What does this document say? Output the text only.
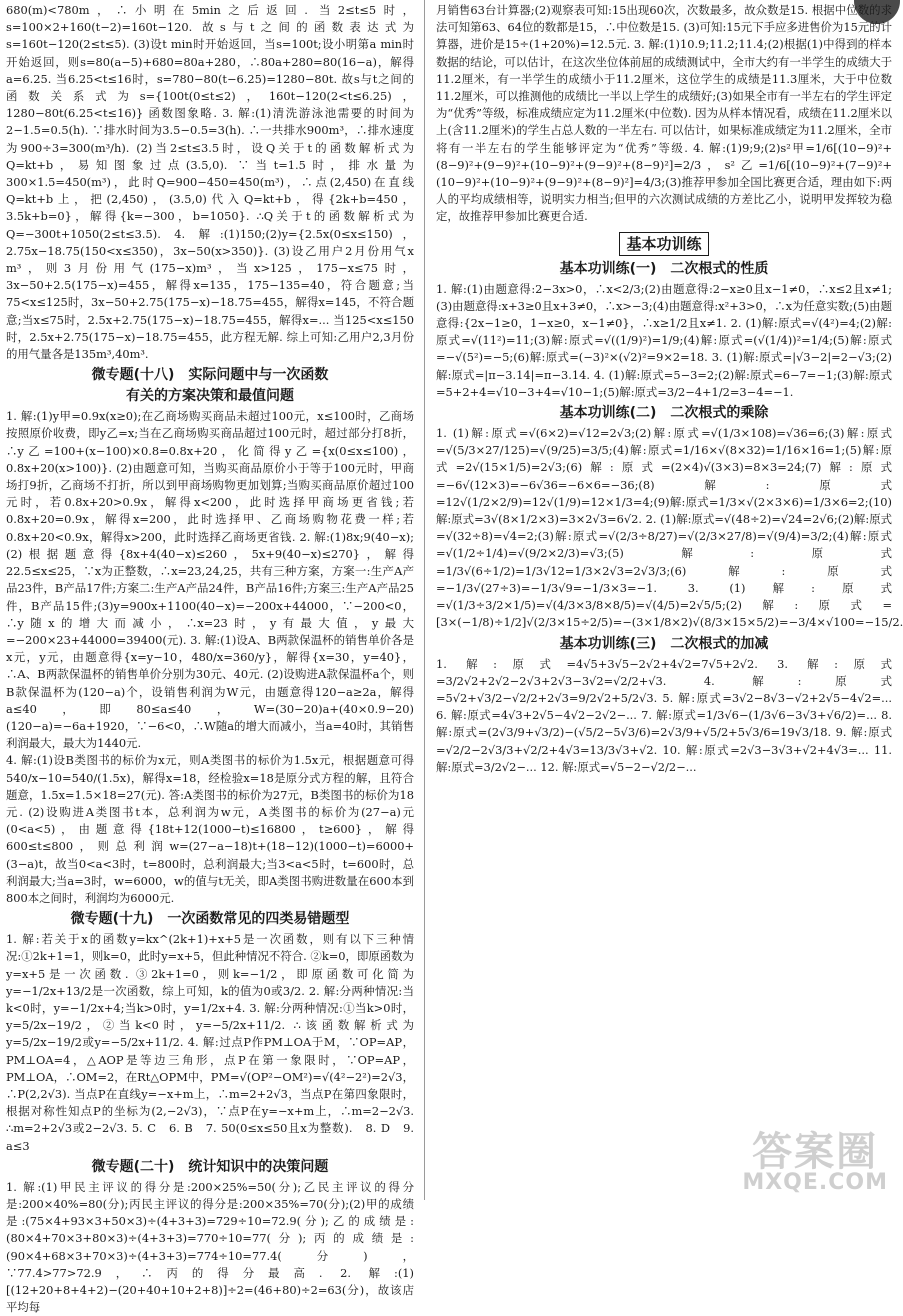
680(m)<780m，∴小明在5min之后返回. 当2≤t≤5时，s=100×2+160(t−2)=160t−120. 故s与t之间的函数表达式为s=160t−120(2≤t≤5). (3)设t min时开始返回，当s=100t;设小明第a min时开始返回，则s=80(a−5)+680=80a+280，∴80a+280=80(16−a)，解得a=6.25. 当6.25<t≤16时，s=780−80(t−6.25)=1280−80t. 故s与t之间的函数关系式为s={100t(0≤t≤2)，160t−120(2<t≤6.25)，1280−80t(6.25<t≤16)} 函数图象略. 3. 解:(1)清洗游泳池需要的时间为2−1.5=0.5(h). ∵排水时间为3.5−0.5=3(h). ∴一共排水900m³，∴排水速度为900÷3=300(m³/h). (2)当2≤t≤3.5时，设Q关于t的函数解析式为Q=kt+b，易知图象过点(3.5,0). ∵当t=1.5时，排水量为300×1.5=450(m³)，此时Q=900−450=450(m³)，∴点(2,450)在直线Q=kt+b上，把(2,450)，(3.5,0)代入Q=kt+b，得{2k+b=450，3.5k+b=0}，解得{k=−300，b=1050}. ∴Q关于t的函数解析式为Q=−300t+1050(2≤t≤3.5). 4. 解:(1)150;(2)y={2.5x(0≤x≤150)，2.75x−18.75(150<x≤350)，3x−50(x>350)}. (3)设乙用户2月份用气x m³，则3月份用气(175−x)m³，当x>125，175−x≤75时，3x−50+2.5(175−x)=455，解得x=135，175−135=40，符合题意;当75<x≤125时，3x−50+2.75(175−x)−18.75=455，解得x=145，不符合题意;当x≤75时，2.5x+2.75(175−x)−18.75=455，解得x=... 当125<x≤150时，2.5x+2.75(175−x)−18.75=455，此方程无解. 综上可知:乙用户2,3月份的用气量各是135m³,40m³.

微专题(十八)　实际问题中与一次函数
有关的方案决策和最值问题

1. 解:(1)y甲=0.9x(x≥0);在乙商场购买商品未超过100元，x≤100时，乙商场按照原价收费，即y乙=x;当在乙商场购买商品超过100元时，超过部分打8折，∴y乙=100+(x−100)×0.8=0.8x+20，化简得y乙={x(0≤x≤100)，0.8x+20(x>100)}. (2)由题意可知，当购买商品原价小于等于100元时，甲商场打9折，乙商场不打折，所以到甲商场购物更加划算;当购买商品原价超过100元时，若0.8x+20>0.9x，解得x<200，此时选择甲商场更省钱;若0.8x+20=0.9x，解得x=200，此时选择甲、乙商场购物花费一样;若0.8x+20<0.9x，解得x>200，此时选择乙商场更省钱. 2. 解:(1)8x;9(40−x);(2)根据题意得{8x+4(40−x)≤260，5x+9(40−x)≤270}，解得22.5≤x≤25，∵x为正整数，∴x=23,24,25，共有三种方案，方案一:生产A产品23件，B产品17件;方案二:生产A产品24件，B产品16件;方案三:生产A产品25件，B产品15件;(3)y=900x+1100(40−x)=−200x+44000，∵−200<0，∴y随x的增大而减小，∴x=23时，y有最大值，y最大=−200×23+44000=39400(元). 3. 解:(1)设A、B两款保温杯的销售单价各是x元，y元，由题意得{x=y−10，480/x=360/y}，解得{x=30，y=40}，∴A、B两款保温杯的销售单价分别为30元、40元. (2)设购进A款保温杯a个，则B款保温杯为(120−a)个，设销售利润为W元，由题意得120−a≥2a，解得a≤40，即80≤a≤40，W=(30−20)a+(40×0.9−20)(120−a)=−6a+1920，∵−6<0，∴W随a的增大而减小，当a=40时，其销售利润最大，最大为1440元.

4. 解:(1)设B类图书的标价为x元，则A类图书的标价为1.5x元，根据题意可得540/x−10=540/(1.5x)，解得x=18，经检验x=18是原分式方程的解，且符合题意，1.5x=1.5×18=27(元). 答:A类图书的标价为27元，B类图书的标价为18元. (2)设购进A类图书t本，总利润为w元，A类图书的标价为(27−a)元(0<a<5)，由题意得{18t+12(1000−t)≤16800，t≥600}，解得600≤t≤800，则总利润w=(27−a−18)t+(18−12)(1000−t)=6000+(3−a)t，故当0<a<3时，t=800时，总利润最大;当3<a<5时，t=600时，总利润最大;当a=3时，w=6000，w的值与t无关，即A类图书购进数量在600本到800本之间时，利润均为6000元.

微专题(十九)　一次函数常见的四类易错题型

1. 解:若关于x的函数y=kx^(2k+1)+x+5是一次函数，则有以下三种情况:①2k+1=1，则k=0，此时y=x+5，但此种情况不符合. ②k=0，即原函数为y=x+5是一次函数. ③2k+1=0，则k=−1/2，即原函数可化简为y=−1/2x+13/2是一次函数，综上可知，k的值为0或3/2. 2. 解:分两种情况:当k<0时，y=−1/2x+4;当k>0时，y=1/2x+4. 3. 解:分两种情况:①当k>0时，y=5/2x−19/2，②当k<0时，y=−5/2x+11/2. ∴该函数解析式为y=5/2x−19/2或y=−5/2x+11/2. 4. 解:过点P作PM⊥OA于M，∵OP=AP，PM⊥OA=4，△AOP是等边三角形，点P在第一象限时，∵OP=AP，PM⊥OA，∴OM=2，在Rt△OPM中，PM=√(OP²−OM²)=√(4²−2²)=2√3，∴P(2,2√3). 当点P在直线y=−x+m上，∴m=2+2√3，当点P在第四象限时，根据对称性知点P的坐标为(2,−2√3)，∵点P在y=−x+m上，∴m=2−2√3. ∴m=2+2√3或2−2√3. 5. C　6. B　7. 50(0≤x≤50且x为整数).　8. D　9. a≤3

微专题(二十)　统计知识中的决策问题

1. 解:(1)甲民主评议的得分是:200×25%=50(分);乙民主评议的得分是:200×40%=80(分);丙民主评议的得分是:200×35%=70(分);(2)甲的成绩是:(75×4+93×3+50×3)÷(4+3+3)=729÷10=72.9(分);乙的成绩是:(80×4+70×3+80×3)÷(4+3+3)=770÷10=77(分);丙的成绩是:(90×4+68×3+70×3)÷(4+3+3)=774÷10=77.4(分)，∵77.4>77>72.9，∴丙的得分最高. 2. 解:(1)[(12+20+8+4+2)−(20+40+10+2+8)]÷2=(46+80)÷2=63(分)，故该店平均每

月销售63台计算器;(2)观察表可知:15出现60次，次数最多，故众数是15. 根据中位数的求法可知第63、64位的数都是15，∴中位数是15. (3)可知:15元下手应多进售价为15元的计算器，进价是15÷(1+20%)=12.5元. 3. 解:(1)10.9;11.2;11.4;(2)根据(1)中得到的样本数据的结论，可以估计，在这次坐位体前屈的成绩测试中，全市大约有一半学生的成绩大于11.2厘米，有一半学生的成绩小于11.2厘米，这位学生的成绩是11.3厘米，大于中位数11.2厘米，可以推测他的成绩比一半以上学生的成绩好;(3)如果全市有一半左右的学生评定为“优秀”等级，标准成绩应定为11.2厘米(中位数). 因为从样本情况看，成绩在11.2厘米以上(含11.2厘米)的学生占总人数的一半左右. 可以估计，如果标准成绩定为11.2厘米，全市将有一半左右的学生能够评定为“优秀”等级. 4. 解:(1)9;9;(2)s²甲=1/6[(10−9)²+(8−9)²+(9−9)²+(10−9)²+(9−9)²+(8−9)²]=2/3，s²乙=1/6[(10−9)²+(7−9)²+(10−9)²+(10−9)²+(9−9)²+(8−9)²]=4/3;(3)推荐甲参加全国比赛更合适，理由如下:两人的平均成绩相等，说明实力相当;但甲的六次测试成绩的方差比乙小，说明甲发挥较为稳定，故推荐甲参加比赛更合适.

基本功训练
基本功训练(一)　二次根式的性质

1. 解:(1)由题意得:2−3x>0，∴x<2/3;(2)由题意得:2−x≥0且x−1≠0，∴x≤2且x≠1;(3)由题意得:x+3≥0且x+3≠0，∴x>−3;(4)由题意得:x²+3>0，∴x为任意实数;(5)由题意得:{2x−1≥0，1−x≥0，x−1≠0}，∴x≥1/2且x≠1. 2. (1)解:原式=√(4²)=4;(2)解:原式=√(11²)=11;(3)解:原式=√((1/9)²)=1/9;(4)解:原式=(√(1/4))²=1/4;(5)解:原式=−√(5²)=−5;(6)解:原式=(−3)²×(√2)²=9×2=18. 3. (1)解:原式=|√3−2|=2−√3;(2)解:原式=|π−3.14|=π−3.14. 4. (1)解:原式=5−3=2;(2)解:原式=6−7=−1;(3)解:原式=5+2+4=√10−3+4=√10−1;(5)解:原式=3/2−4+1/2=3−4=−1.

基本功训练(二)　二次根式的乘除

1. (1)解:原式=√(6×2)=√12=2√3;(2)解:原式=√(1/3×108)=√36=6;(3)解:原式=√(5/3×27/125)=√(9/25)=3/5;(4)解:原式=1/16×√(8×32)=1/16×16=1;(5)解:原式=2√(15×1/5)=2√3;(6)解:原式=(2×4)√(3×3)=8×3=24;(7)解:原式=−6√(12×3)=−6√36=−6×6=−36;(8)解:原式=12√(1/2×2/9)=12√(1/9)=12×1/3=4;(9)解:原式=1/3×√(2×3×6)=1/3×6=2;(10)解:原式=3√(8×1/2×3)=3×2√3=6√2. 2. (1)解:原式=√(48÷2)=√24=2√6;(2)解:原式=√(32÷8)=√4=2;(3)解:原式=√(2/3÷8/27)=√(2/3×27/8)=√(9/4)=3/2;(4)解:原式=√(1/2÷1/4)=√(9/2×2/3)=√3;(5)解:原式=1/3√(6÷1/2)=1/3√12=1/3×2√3=2√3/3;(6)解:原式=−1/3√(27÷3)=−1/3√9=−1/3×3=−1. 3. (1)解:原式=√(1/3÷3/2×1/5)=√(4/3×3/8×8/5)=√(4/5)=2√5/5;(2)解:原式=[3×(−1/8)÷1/2]√(2/3×15÷2/5)=−(3×1/8×2)√(8/3×15×5/2)=−3/4×√100=−15/2.

基本功训练(三)　二次根式的加减

1. 解:原式=4√5+3√5−2√2+4√2=7√5+2√2. 3. 解:原式=3/2√2+2√2−2√3+2√3−3√2=√2/2+√3. 4. 解:原式=5√2+√3/2−√2/2+2√3=9/2√2+5/2√3. 5. 解:原式=3√2−8√3−√2+2√5−4√2=... 6. 解:原式=4√3+2√5−4√2−2√2−... 7. 解:原式=1/3√6−(1/3√6−3√3+√6/2)=... 8. 解:原式=(2√3/9+√3/2)−(√5/2−5√3/6)=2√3/9+√5/2+5√3/6=19√3/18. 9. 解:原式=√2/2−2√3/3+√2/2+4√3=13/3√3+√2. 10. 解:原式=2√3−3√3+√2+4√3=... 11. 解:原式=3/2√2−... 12. 解:原式=√5−2−√2/2−...

答案圈
MXQE.COM
